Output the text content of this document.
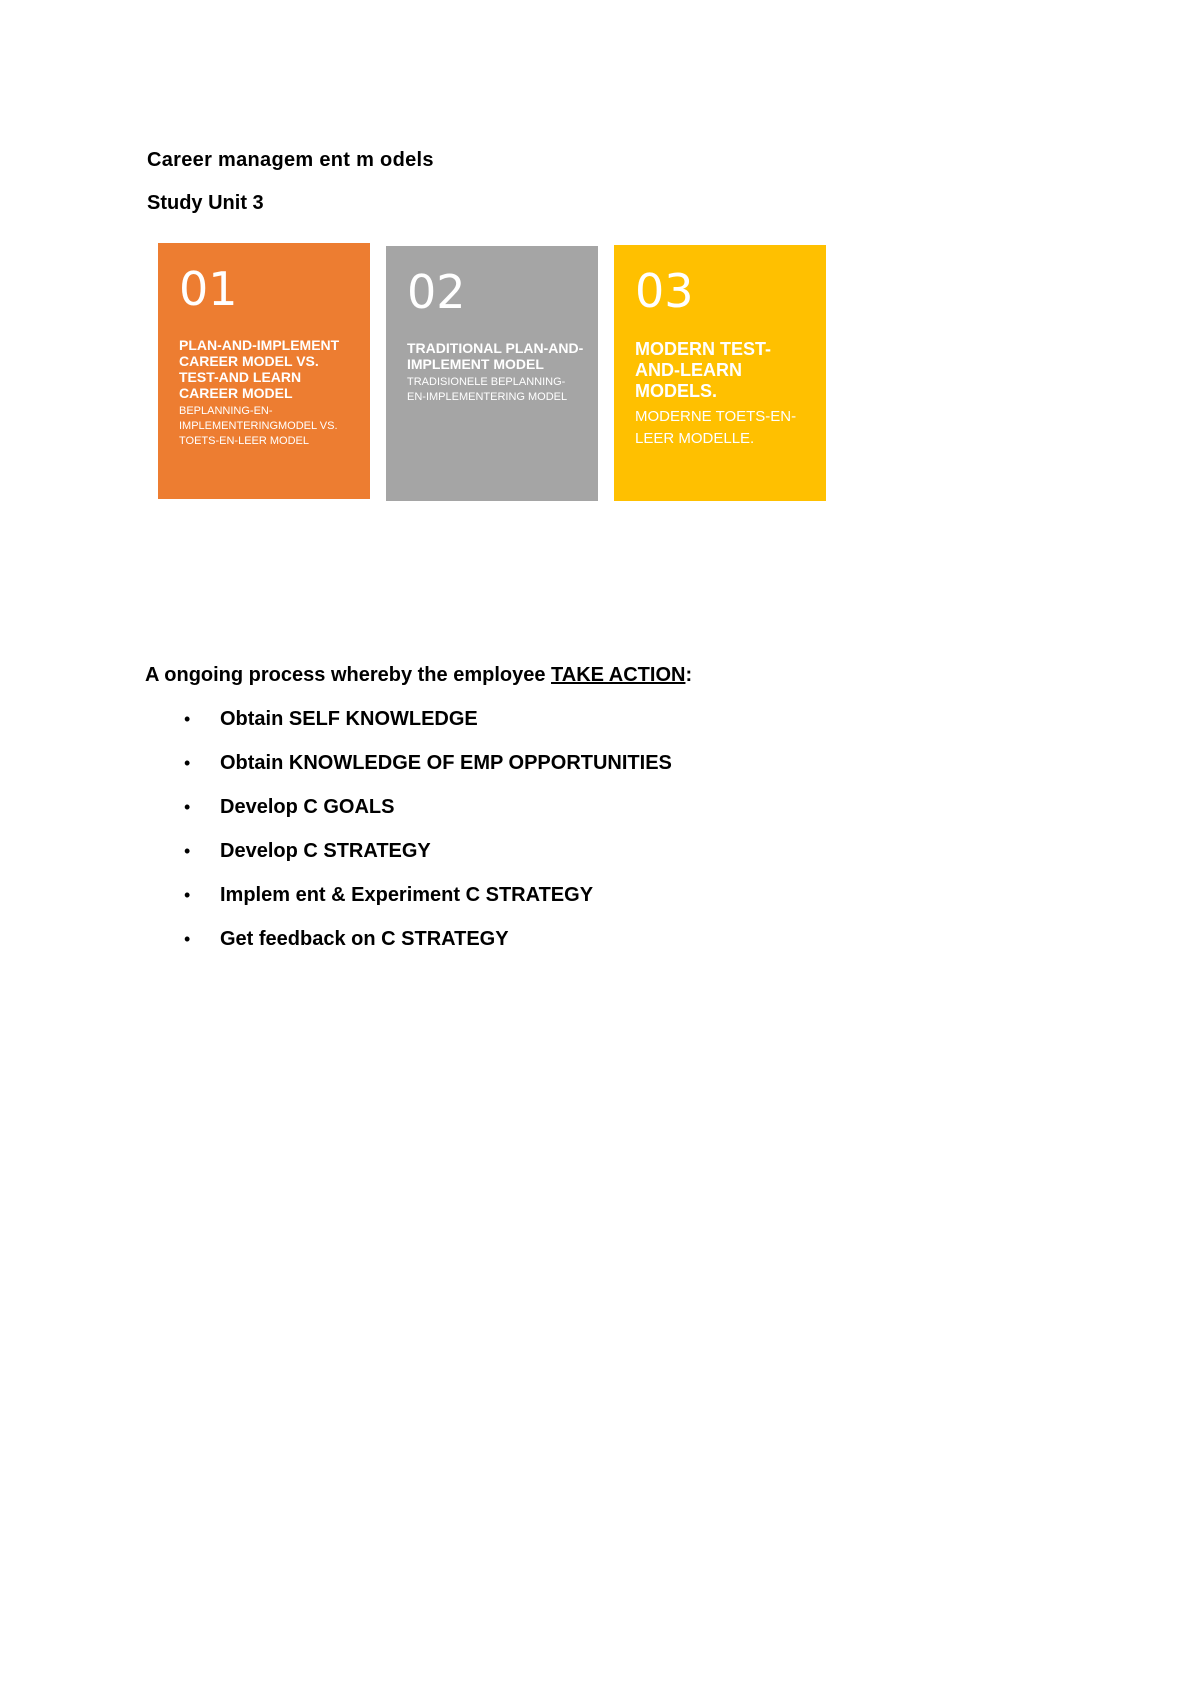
Career managem ent m odels
Study Unit 3
01

PLAN-AND-IMPLEMENT CAREER MODEL VS. TEST-AND LEARN CAREER MODEL

BEPLANNING-EN-IMPLEMENTERINGMODEL VS. TOETS-EN-LEER MODEL

02

TRADITIONAL PLAN-AND-IMPLEMENT MODEL

TRADISIONELE BEPLANNING-EN-IMPLEMENTERING MODEL

03

MODERN TEST-AND-LEARN MODELS.

MODERNE TOETS-EN-LEER MODELLE.

A ongoing process whereby the employee TAKE ACTION:

• Obtain SELF KNOWLEDGE
• Obtain KNOWLEDGE OF EMP OPPORTUNITIES
• Develop C GOALS
• Develop C STRATEGY
• Implem ent & Experiment C STRATEGY
• Get feedback on C STRATEGY
